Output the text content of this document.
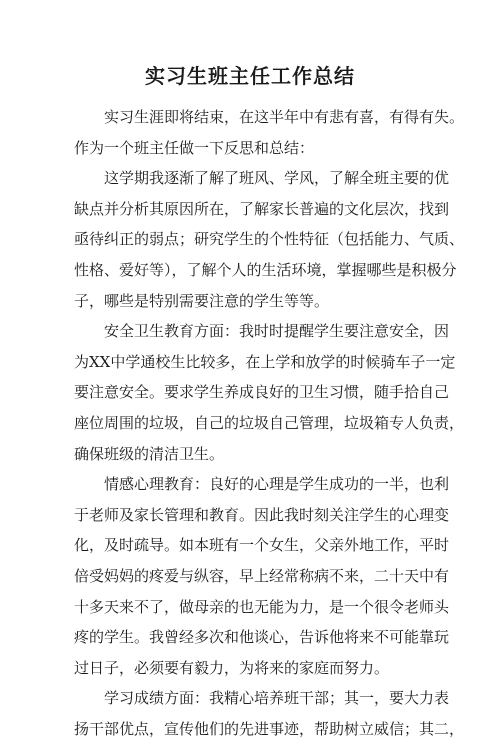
实习生班主任工作总结

实习生涯即将结束，在这半年中有悲有喜，有得有失。
作为一个班主任做一下反思和总结：

这学期我逐渐了解了班风、学风，了解全班主要的优
缺点并分析其原因所在，了解家长普遍的文化层次，找到
亟待纠正的弱点；研究学生的个性特征（包括能力、气质、
性格、爱好等），了解个人的生活环境，掌握哪些是积极分
子，哪些是特别需要注意的学生等等。

安全卫生教育方面：我时时提醒学生要注意安全，因
为XX中学通校生比较多，在上学和放学的时候骑车子一定
要注意安全。要求学生养成良好的卫生习惯，随手拾自己
座位周围的垃圾，自己的垃圾自己管理，垃圾箱专人负责，
确保班级的清洁卫生。

情感心理教育：良好的心理是学生成功的一半，也利
于老师及家长管理和教育。因此我时刻关注学生的心理变
化，及时疏导。如本班有一个女生，父亲外地工作，平时
倍受妈妈的疼爱与纵容，早上经常称病不来，二十天中有
十多天来不了，做母亲的也无能为力，是一个很令老师头
疼的学生。我曾经多次和他谈心，告诉他将来不可能靠玩
过日子，必须要有毅力，为将来的家庭而努力。

学习成绩方面：我精心培养班干部；其一，要大力表
扬干部优点，宣传他们的先进事迹，帮助树立威信；其二，
